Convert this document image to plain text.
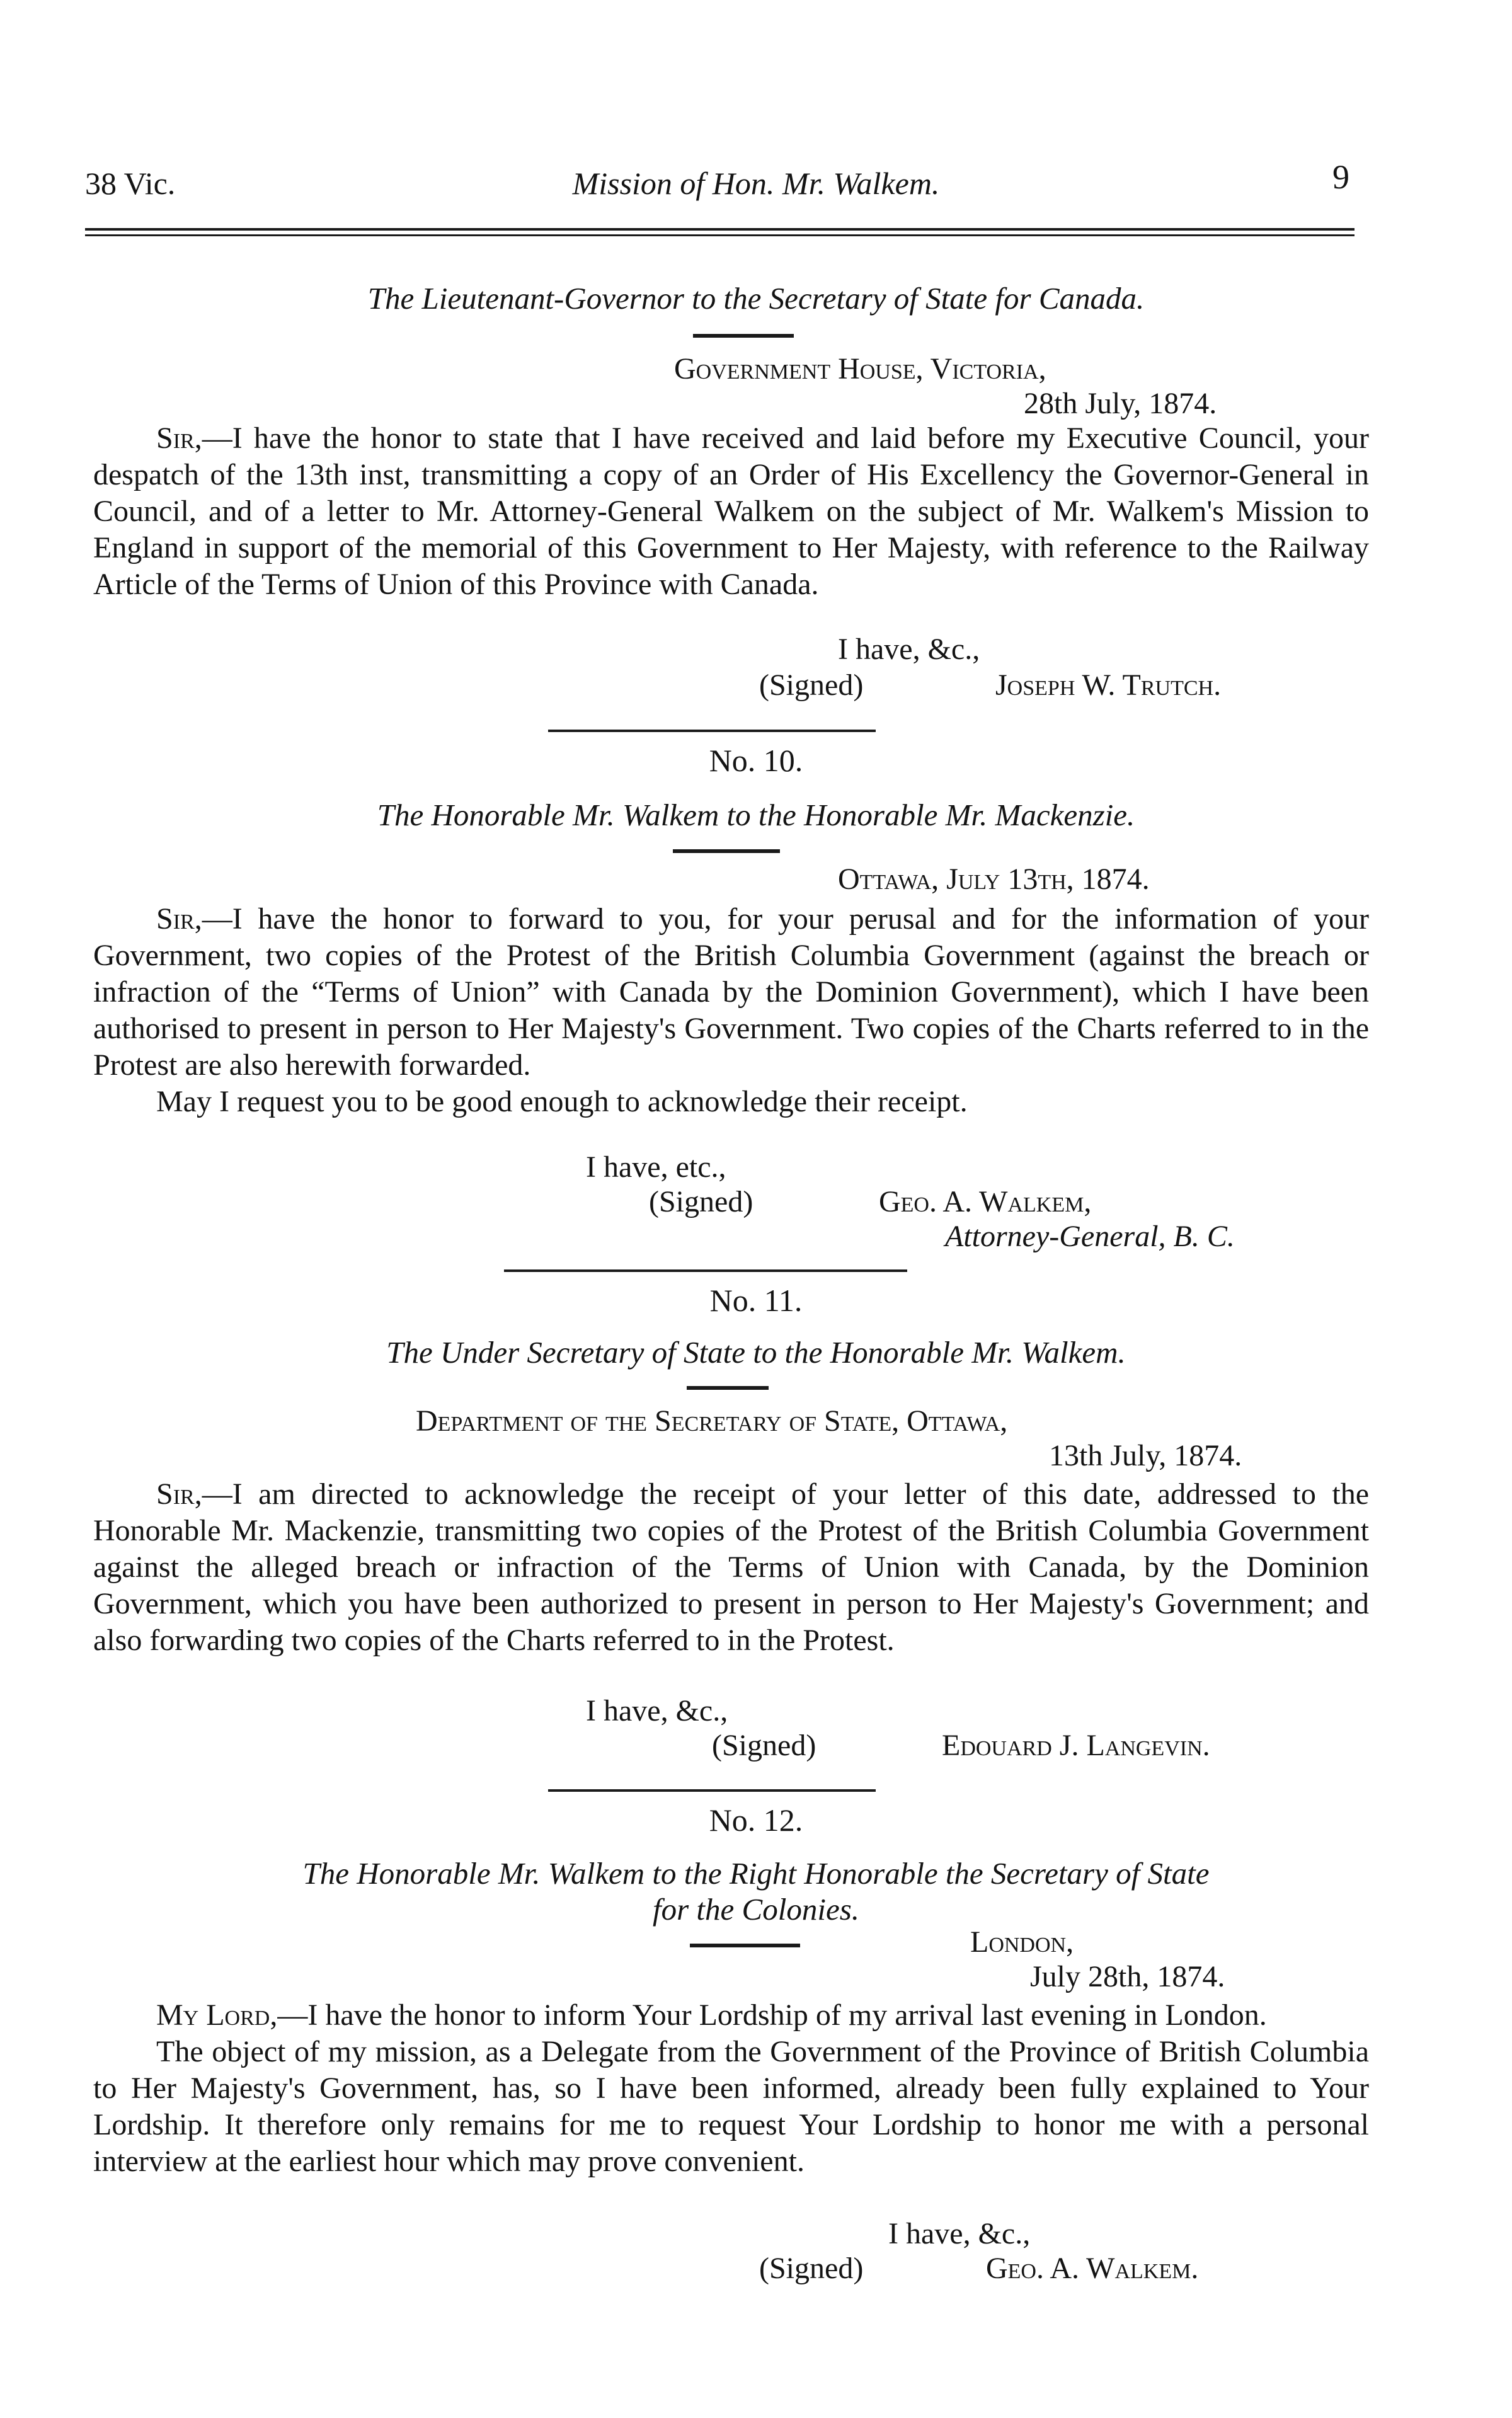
Mission of Hon. Mr. Walkem.
38 Vic.	9
The Lieutenant-Governor to the Secretary of State for Canada.
Government House, Victoria,
28th July, 1874.

Sir,—I have the honor to state that I have received and laid before my Executive Council, your despatch of the 13th inst, transmitting a copy of an Order of His Excellency the Governor-General in Council, and of a letter to Mr. Attorney-General Walkem on the subject of Mr. Walkem's Mission to England in support of the memorial of this Government to Her Majesty, with reference to the Railway Article of the Terms of Union of this Province with Canada.

I have, &c.,
(Signed)	Joseph W. Trutch.
No. 10.
The Honorable Mr. Walkem to the Honorable Mr. Mackenzie.
Ottawa, July 13th, 1874.

Sir,—I have the honor to forward to you, for your perusal and for the information of your Government, two copies of the Protest of the British Columbia Government (against the breach or infraction of the “Terms of Union” with Canada by the Dominion Government), which I have been authorised to present in person to Her Majesty's Government. Two copies of the Charts referred to in the Protest are also herewith forwarded.

May I request you to be good enough to acknowledge their receipt.

I have, etc.,
(Signed)	Geo. A. Walkem,
Attorney-General, B. C.
No. 11.
The Under Secretary of State to the Honorable Mr. Walkem.
Department of the Secretary of State, Ottawa,
13th July, 1874.

Sir,—I am directed to acknowledge the receipt of your letter of this date, addressed to the Honorable Mr. Mackenzie, transmitting two copies of the Protest of the British Columbia Government against the alleged breach or infraction of the Terms of Union with Canada, by the Dominion Government, which you have been authorized to present in person to Her Majesty's Government; and also forwarding two copies of the Charts referred to in the Protest.

I have, &c.,
(Signed)	Edouard J. Langevin.
No. 12.
The Honorable Mr. Walkem to the Right Honorable the Secretary of State
for the Colonies.
London,
July 28th, 1874.

My Lord,—I have the honor to inform Your Lordship of my arrival last evening in London.

The object of my mission, as a Delegate from the Government of the Province of British Columbia to Her Majesty's Government, has, so I have been informed, already been fully explained to Your Lordship. It therefore only remains for me to request Your Lordship to honor me with a personal interview at the earliest hour which may prove convenient.

I have, &c.,
(Signed)	Geo. A. Walkem.
